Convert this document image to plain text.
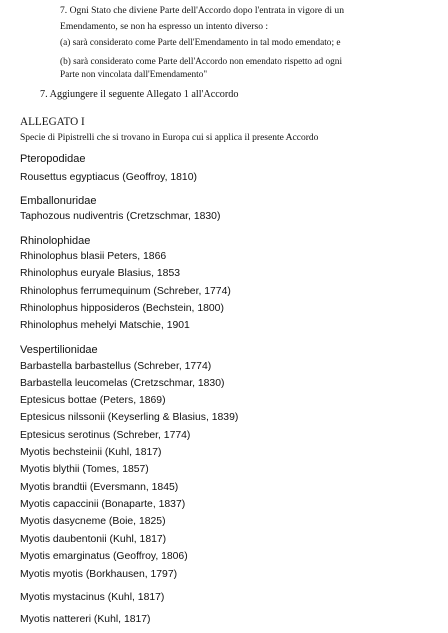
7. Ogni Stato che diviene Parte dell'Accordo dopo l'entrata in vigore di un
Emendamento, se non ha espresso un intento diverso :
(a) sarà considerato come Parte dell'Emendamento in tal modo emendato; e
(b) sarà considerato come Parte dell'Accordo non emendato rispetto ad ogni
Parte non vincolata dall'Emendamento"
7. Aggiungere il seguente Allegato 1 all'Accordo
ALLEGATO I
Specie di Pipistrelli che si trovano in Europa cui si applica il presente Accordo
Pteropodidae
Rousettus egyptiacus (Geoffroy, 1810)
Emballonuridae
Taphozous nudiventris (Cretzschmar, 1830)
Rhinolophidae
Rhinolophus blasii Peters, 1866
Rhinolophus euryale Blasius, 1853
Rhinolophus ferrumequinum (Schreber, 1774)
Rhinolophus hipposideros (Bechstein, 1800)
Rhinolophus mehelyi Matschie, 1901
Vespertilionidae
Barbastella barbastellus (Schreber, 1774)
Barbastella leucomelas (Cretzschmar, 1830)
Eptesicus bottae (Peters, 1869)
Eptesicus nilssonii (Keyserling & Blasius, 1839)
Eptesicus serotinus (Schreber, 1774)
Myotis bechsteinii (Kuhl, 1817)
Myotis blythii (Tomes, 1857)
Myotis brandtii (Eversmann, 1845)
Myotis capaccinii (Bonaparte, 1837)
Myotis dasycneme (Boie, 1825)
Myotis daubentonii (Kuhl, 1817)
Myotis emarginatus (Geoffroy, 1806)
Myotis myotis (Borkhausen, 1797)
Myotis mystacinus (Kuhl, 1817)
Myotis nattereri (Kuhl, 1817)
